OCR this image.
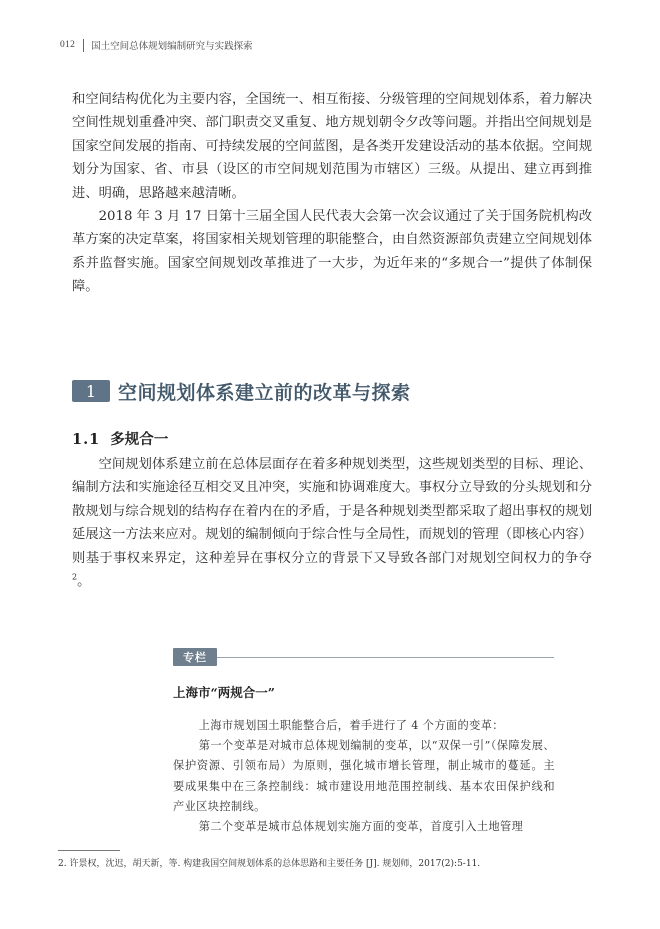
012 国土空间总体规划编制研究与实践探索

和空间结构优化为主要内容，全国统一、相互衔接、分级管理的空间规划体系，着力解决空间性规划重叠冲突、部门职责交叉重复、地方规划朝令夕改等问题。并指出空间规划是国家空间发展的指南、可持续发展的空间蓝图，是各类开发建设活动的基本依据。空间规划分为国家、省、市县（设区的市空间规划范围为市辖区）三级。从提出、建立再到推进、明确，思路越来越清晰。

2018 年 3 月 17 日第十三届全国人民代表大会第一次会议通过了关于国务院机构改革方案的决定草案，将国家相关规划管理的职能整合，由自然资源部负责建立空间规划体系并监督实施。国家空间规划改革推进了一大步，为近年来的“多规合一”提供了体制保障。

1	空间规划体系建立前的改革与探索
1.1 多规合一

空间规划体系建立前在总体层面存在着多种规划类型，这些规划类型的目标、理论、编制方法和实施途径互相交叉且冲突，实施和协调难度大。事权分立导致的分头规划和分散规划与综合规划的结构存在着内在的矛盾，于是各种规划类型都采取了超出事权的规划延展这一方法来应对。规划的编制倾向于综合性与全局性，而规划的管理（即核心内容）则基于事权来界定，这种差异在事权分立的背景下又导致各部门对规划空间权力的争夺$^2$。

专栏
上海市“两规合一”

上海市规划国土职能整合后，着手进行了 4 个方面的变革：

第一个变革是对城市总体规划编制的变革，以“双保一引”（保障发展、保护资源、引领布局）为原则，强化城市增长管理，制止城市的蔓延。主要成果集中在三条控制线：城市建设用地范围控制线、基本农田保护线和产业区块控制线。

第二个变革是城市总体规划实施方面的变革，首度引入土地管理

2. 许景权，沈迟，胡天新，等. 构建我国空间规划体系的总体思路和主要任务 [J]. 规划师，2017(2):5-11.
